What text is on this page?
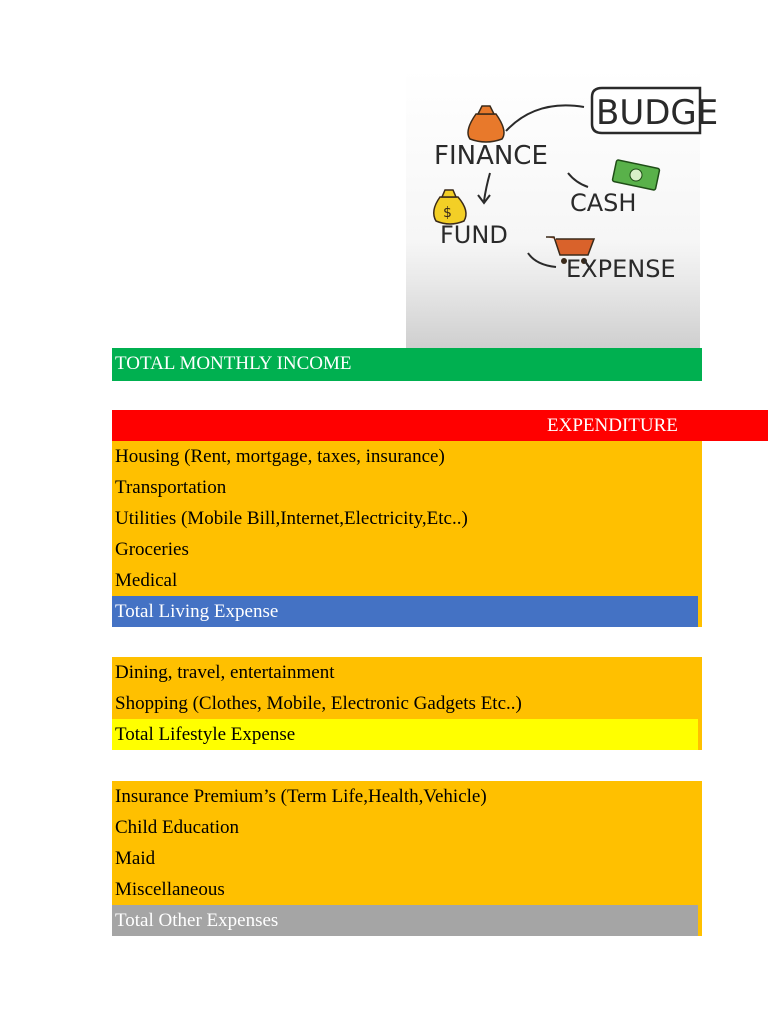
BUDGE
FINANCE
CASH
$
FUND
EXPENSE
TOTAL MONTHLY INCOME
EXPENDITURE
Housing (Rent, mortgage, taxes, insurance)
Transportation
Utilities (Mobile Bill,Internet,Electricity,Etc..)
Groceries
Medical
Total Living Expense
Dining, travel, entertainment
Shopping (Clothes, Mobile, Electronic Gadgets Etc..)
Total Lifestyle Expense
Insurance Premium’s (Term Life,Health,Vehicle)
Child Education
Maid
Miscellaneous
Total Other Expenses
